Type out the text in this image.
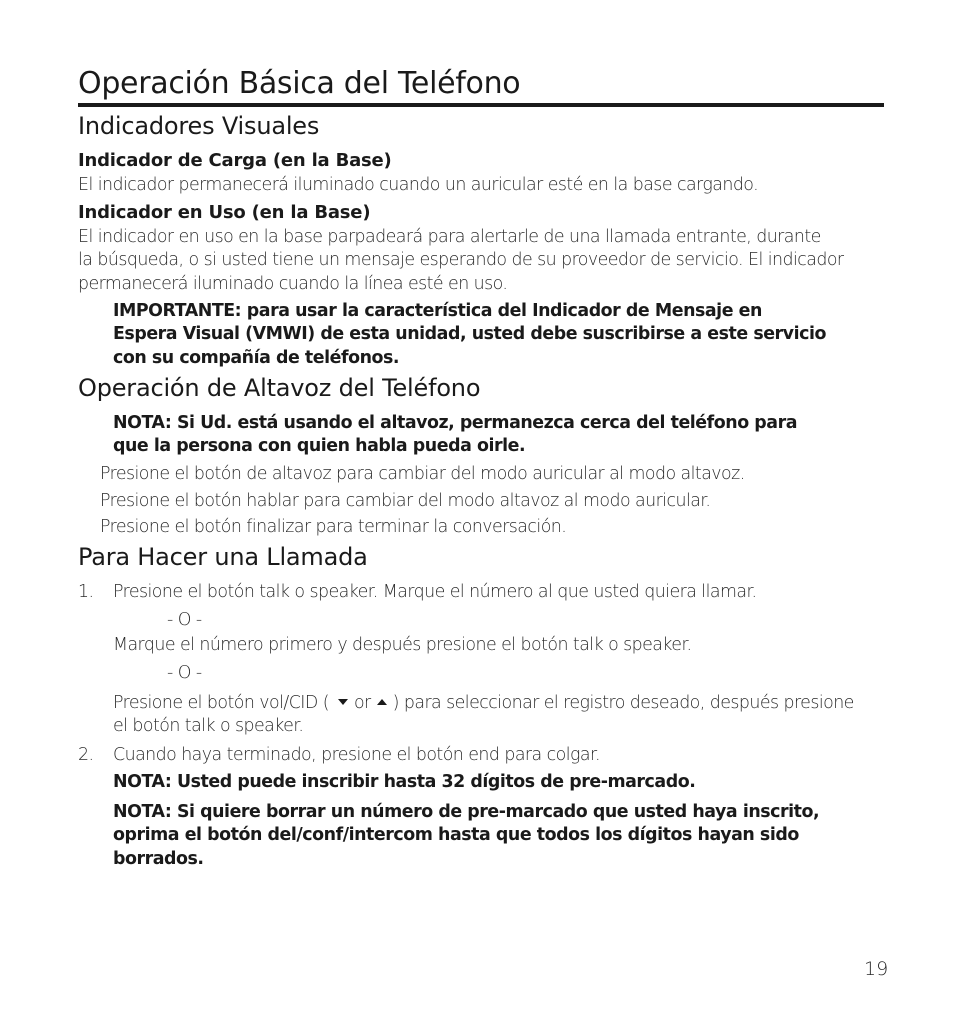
Operación Básica del Teléfono
Indicadores Visuales
Indicador de Carga (en la Base)
El indicador permanecerá iluminado cuando un auricular esté en la base cargando.
Indicador en Uso (en la Base)
El indicador en uso en la base parpadeará para alertarle de una llamada entrante, durante
la búsqueda, o si usted tiene un mensaje esperando de su proveedor de servicio. El indicador
permanecerá iluminado cuando la línea esté en uso.
IMPORTANTE: para usar la característica del Indicador de Mensaje en
Espera Visual (VMWI) de esta unidad, usted debe suscribirse a este servicio
con su compañía de teléfonos.
Operación de Altavoz del Teléfono
NOTA: Si Ud. está usando el altavoz, permanezca cerca del teléfono para
que la persona con quien habla pueda oirle.
Presione el botón de altavoz para cambiar del modo auricular al modo altavoz.
Presione el botón hablar para cambiar del modo altavoz al modo auricular.
Presione el botón finalizar para terminar la conversación.
Para Hacer una Llamada
1. Presione el botón talk o speaker. Marque el número al que usted quiera llamar.
- O -
Marque el número primero y después presione el botón talk o speaker.
- O -
Presione el botón vol/CID ( or ) para seleccionar el registro deseado, después presione
el botón talk o speaker.
2. Cuando haya terminado, presione el botón end para colgar.
NOTA: Usted puede inscribir hasta 32 dígitos de pre-marcado.
NOTA: Si quiere borrar un número de pre-marcado que usted haya inscrito,
oprima el botón del/conf/intercom hasta que todos los dígitos hayan sido
borrados.
19
